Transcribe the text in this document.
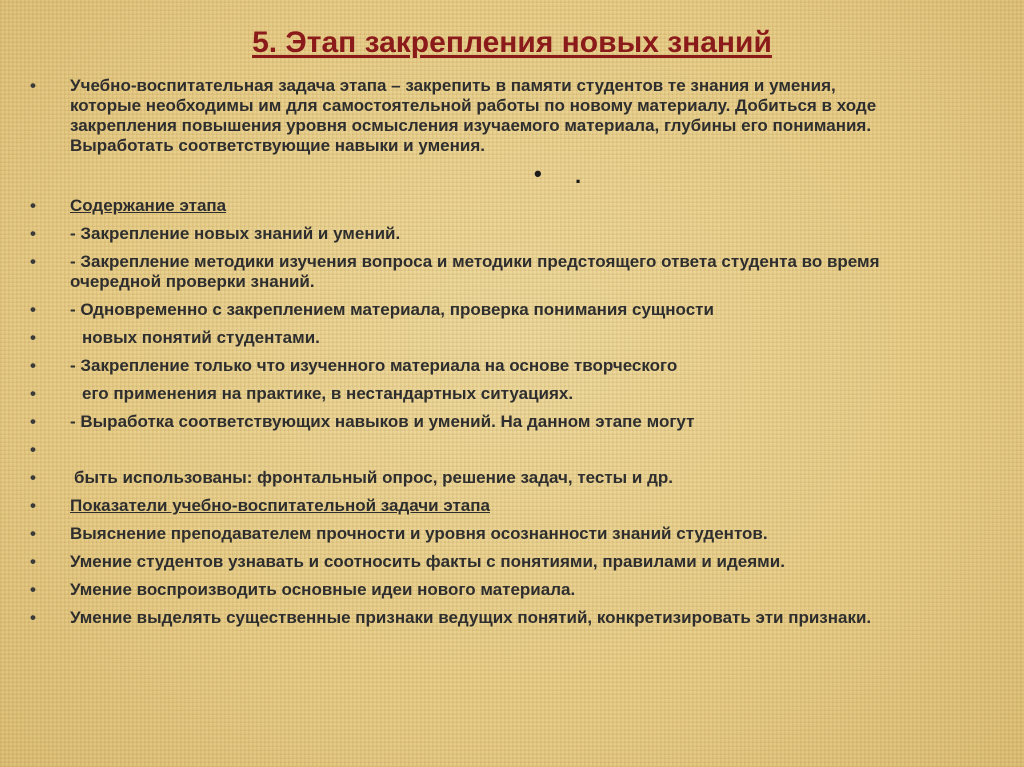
5. Этап закрепления новых знаний
•	Учебно-воспитательная задача этапа – закрепить в памяти студентов те знания и умения, которые необходимы им для самостоятельной работы по новому материалу. Добиться в ходе закрепления повышения уровня осмысления изучаемого материала, глубины его понимания. Выработать соответствующие навыки и умения.
• .
•	Содержание этапа
•	- Закрепление новых знаний и умений.
•	- Закрепление методики изучения вопроса и методики предстоящего ответа студента во время очередной проверки знаний.
•	- Одновременно с закреплением материала, проверка понимания сущности
•	новых понятий студентами.
•	- Закрепление только что изученного материала на основе творческого
•	его применения на практике, в нестандартных ситуациях.
•	- Выработка соответствующих навыков и умений. На данном этапе могут
•
•	быть использованы: фронтальный опрос, решение задач, тесты и др.
•	Показатели учебно-воспитательной задачи этапа
•	Выяснение преподавателем прочности и уровня осознанности знаний студентов.
•	Умение студентов узнавать и соотносить факты с понятиями, правилами и идеями.
•	Умение воспроизводить основные идеи нового материала.
•	Умение выделять существенные признаки ведущих понятий, конкретизировать эти признаки.
